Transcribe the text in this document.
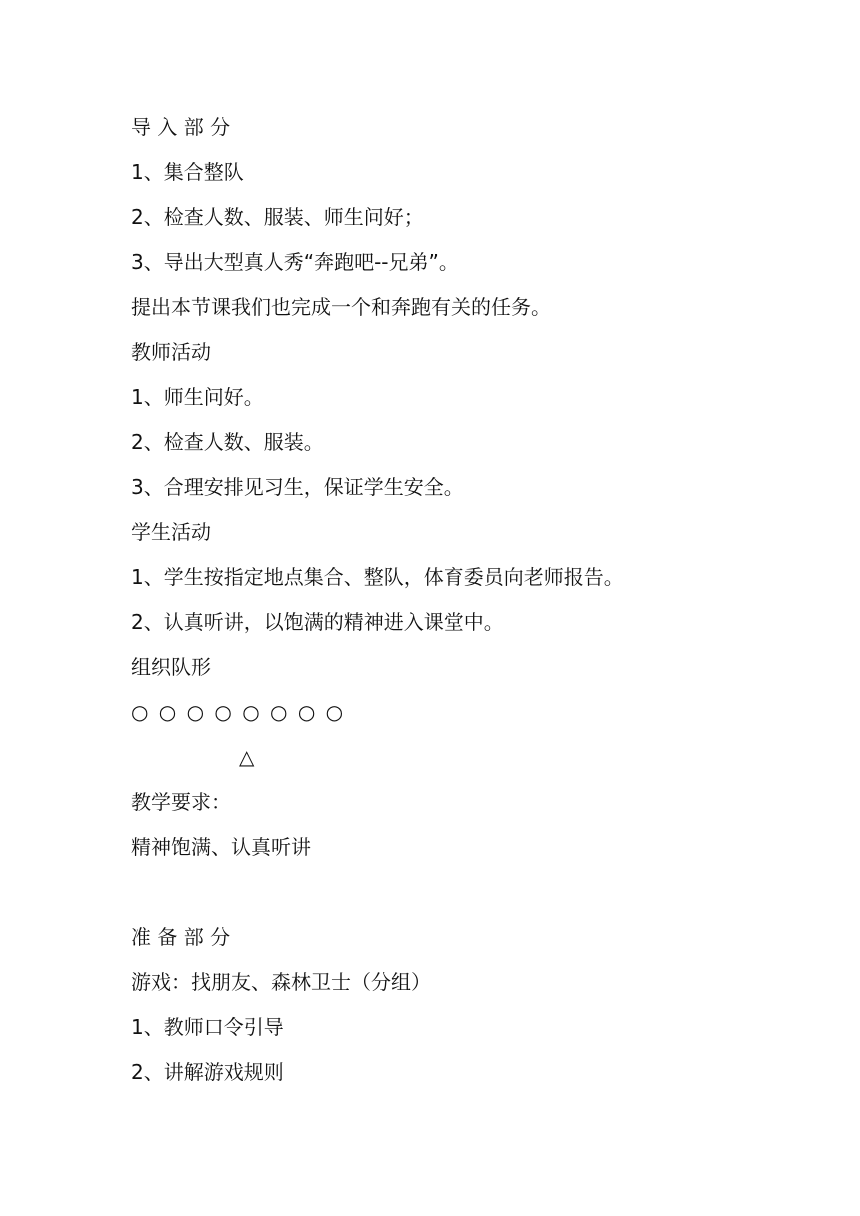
导 入 部 分

1、集合整队

2、检查人数、服装、师生问好；

3、导出大型真人秀“奔跑吧--兄弟”。

提出本节课我们也完成一个和奔跑有关的任务。

教师活动

1、师生问好。

2、检查人数、服装。

3、合理安排见习生，保证学生安全。

学生活动

1、学生按指定地点集合、整队，体育委员向老师报告。

2、认真听讲，以饱满的精神进入课堂中。

组织队形

○ ○ ○ ○ ○ ○ ○ ○

△

教学要求：

精神饱满、认真听讲

准 备 部 分

游戏：找朋友、森林卫士（分组）

1、教师口令引导

2、讲解游戏规则
